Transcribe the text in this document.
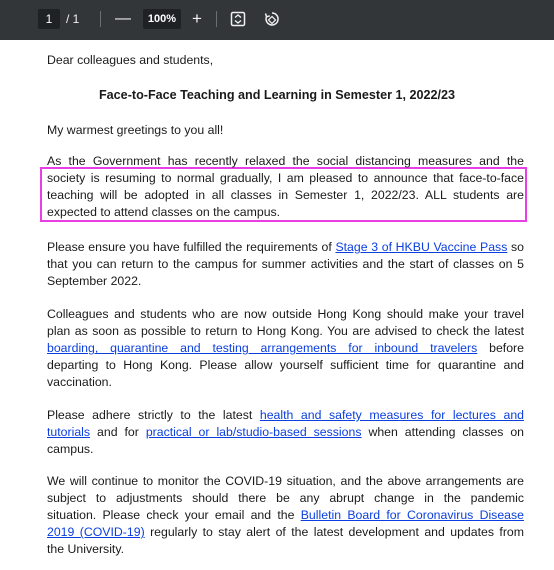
1	/ 1 —	100% +

Dear colleagues and students,

Face-to-Face Teaching and Learning in Semester 1, 2022/23

My warmest greetings to you all!

As the Government has recently relaxed the social distancing measures and the
society is resuming to normal gradually, I am pleased to announce that face-to-face
teaching will be adopted in all classes in Semester 1, 2022/23. ALL students are
expected to attend classes on the campus.
Please ensure you have fulfilled the requirements of Stage 3 of HKBU Vaccine Pass so
that you can return to the campus for summer activities and the start of classes on 5
September 2022.
Colleagues and students who are now outside Hong Kong should make your travel
plan as soon as possible to return to Hong Kong. You are advised to check the latest
boarding, quarantine and testing arrangements for inbound travelers before
departing to Hong Kong. Please allow yourself sufficient time for quarantine and
vaccination.
Please adhere strictly to the latest health and safety measures for lectures and
tutorials and for practical or lab/studio-based sessions when attending classes on
campus.
We will continue to monitor the COVID-19 situation, and the above arrangements are
subject to adjustments should there be any abrupt change in the pandemic
situation. Please check your email and the Bulletin Board for Coronavirus Disease
2019 (COVID-19) regularly to stay alert of the latest development and updates from
the University.
